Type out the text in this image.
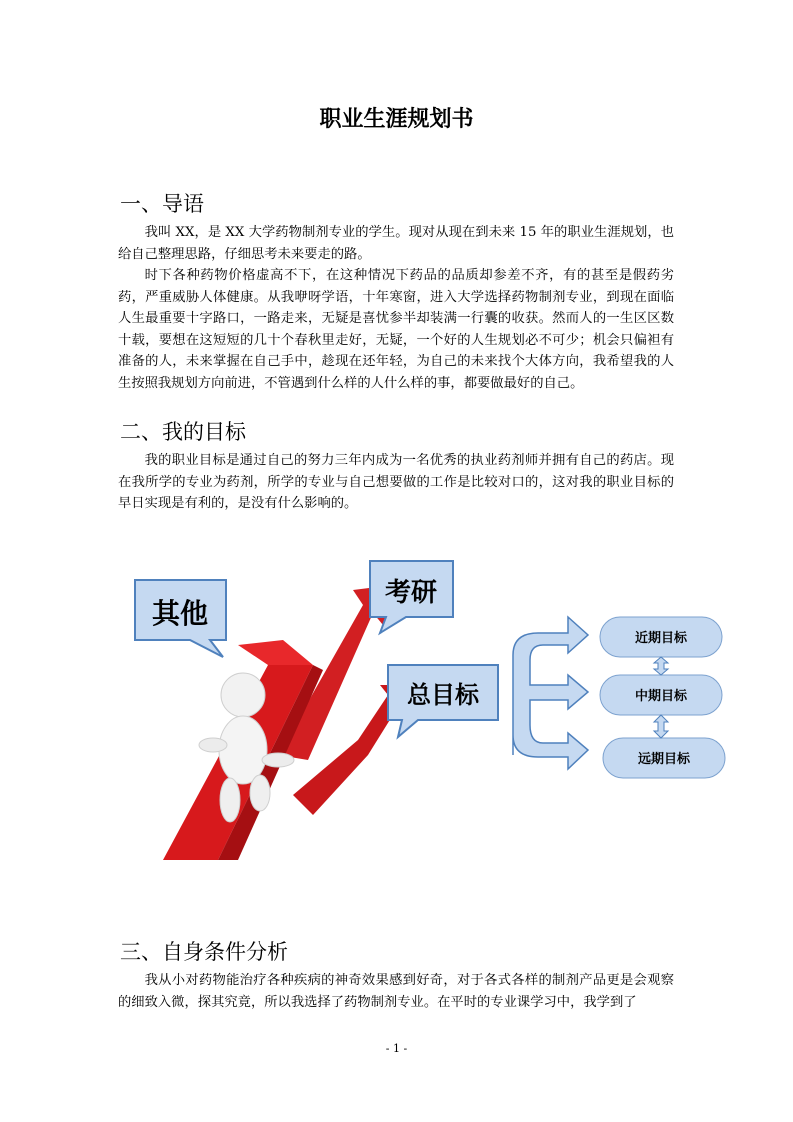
职业生涯规划书
一、导语

我叫 XX，是 XX 大学药物制剂专业的学生。现对从现在到未来 15 年的职业生涯规划，也给自己整理思路，仔细思考未来要走的路。

时下各种药物价格虚高不下，在这种情况下药品的品质却参差不齐，有的甚至是假药劣药，严重威胁人体健康。从我咿呀学语，十年寒窗，进入大学选择药物制剂专业，到现在面临人生最重要十字路口，一路走来，无疑是喜忧参半却装满一行囊的收获。然而人的一生区区数十载，要想在这短短的几十个春秋里走好，无疑，一个好的人生规划必不可少；机会只偏袒有准备的人，未来掌握在自己手中，趁现在还年轻，为自己的未来找个大体方向，我希望我的人生按照我规划方向前进，不管遇到什么样的人什么样的事，都要做最好的自己。

二、我的目标

我的职业目标是通过自己的努力三年内成为一名优秀的执业药剂师并拥有自己的药店。现在我所学的专业为药剂，所学的专业与自己想要做的工作是比较对口的，这对我的职业目标的早日实现是有利的，是没有什么影响的。

其他
考研
总目标
近期目标
中期目标
远期目标
三、自身条件分析

我从小对药物能治疗各种疾病的神奇效果感到好奇，对于各式各样的制剂产品更是会观察的细致入微，探其究竟，所以我选择了药物制剂专业。在平时的专业课学习中，我学到了

- 1 -
